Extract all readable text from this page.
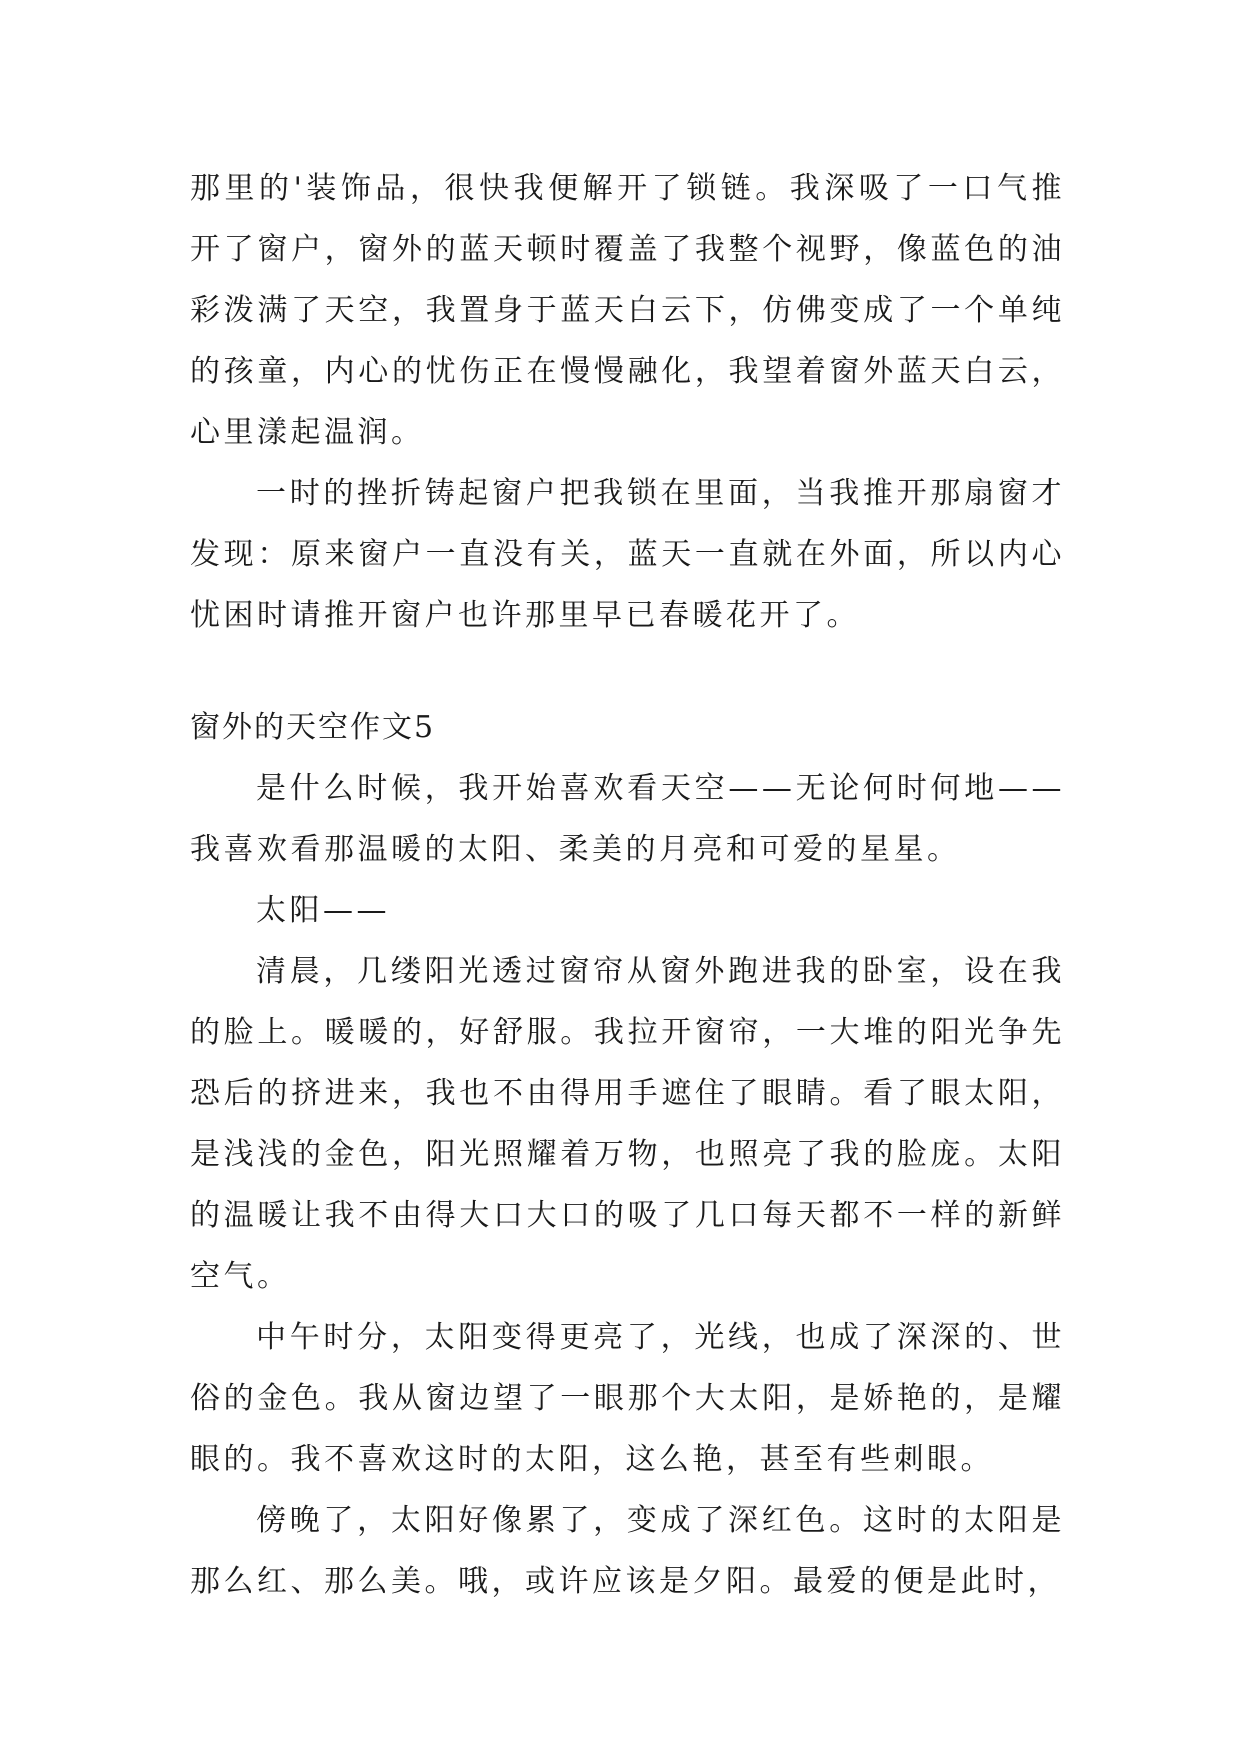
那里的'装饰品，很快我便解开了锁链。我深吸了一口气推开了窗户，窗外的蓝天顿时覆盖了我整个视野，像蓝色的油彩泼满了天空，我置身于蓝天白云下，仿佛变成了一个单纯的孩童，内心的忧伤正在慢慢融化，我望着窗外蓝天白云，心里漾起温润。

一时的挫折铸起窗户把我锁在里面，当我推开那扇窗才发现：原来窗户一直没有关，蓝天一直就在外面，所以内心忧困时请推开窗户也许那里早已春暖花开了。

窗外的天空作文5

是什么时候，我开始喜欢看天空——无论何时何地——我喜欢看那温暖的太阳、柔美的月亮和可爱的星星。

太阳——

清晨，几缕阳光透过窗帘从窗外跑进我的卧室，设在我的脸上。暖暖的，好舒服。我拉开窗帘，一大堆的阳光争先恐后的挤进来，我也不由得用手遮住了眼睛。看了眼太阳，是浅浅的金色，阳光照耀着万物，也照亮了我的脸庞。太阳的温暖让我不由得大口大口的吸了几口每天都不一样的新鲜空气。

中午时分，太阳变得更亮了，光线，也成了深深的、世俗的金色。我从窗边望了一眼那个大太阳，是娇艳的，是耀眼的。我不喜欢这时的太阳，这么艳，甚至有些刺眼。

傍晚了，太阳好像累了，变成了深红色。这时的太阳是那么红、那么美。哦，或许应该是夕阳。最爱的便是此时，
